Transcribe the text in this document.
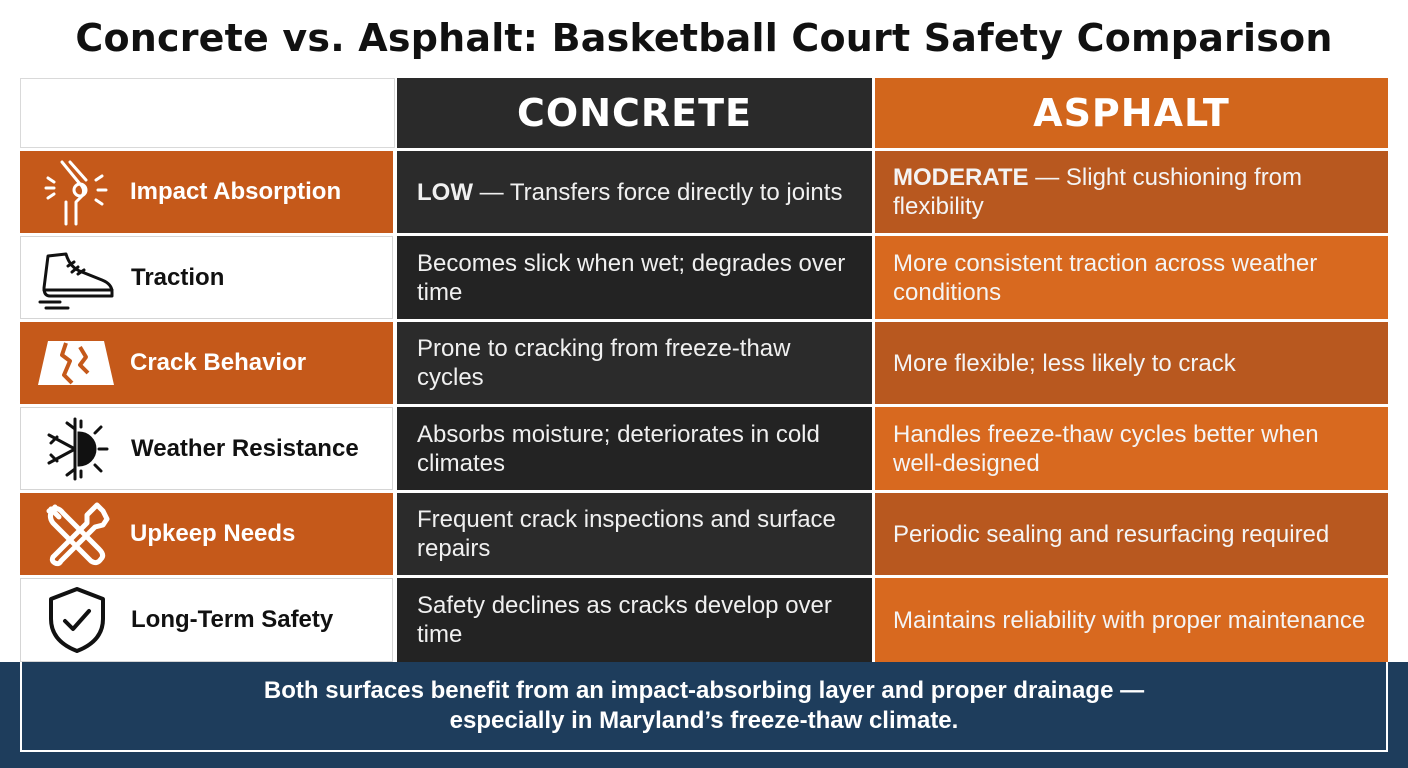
Concrete vs. Asphalt: Basketball Court Safety Comparison
CONCRETE	ASPHALT
Impact Absorption	LOW — Transfers force directly to joints
MODERATE — Slight cushioning from flexibility
Traction
Becomes slick when wet; degrades over time
More consistent traction across weather conditions
Crack Behavior
Prone to cracking from freeze-thaw cycles
More flexible; less likely to crack
Weather Resistance
Absorbs moisture; deteriorates in cold climates
Handles freeze-thaw cycles better when well-designed
Upkeep Needs
Frequent crack inspections and surface repairs
Periodic sealing and resurfacing required
Long-Term Safety
Safety declines as cracks develop over time
Maintains reliability with proper maintenance
Both surfaces benefit from an impact-absorbing layer and proper drainage —
especially in Maryland’s freeze-thaw climate.
